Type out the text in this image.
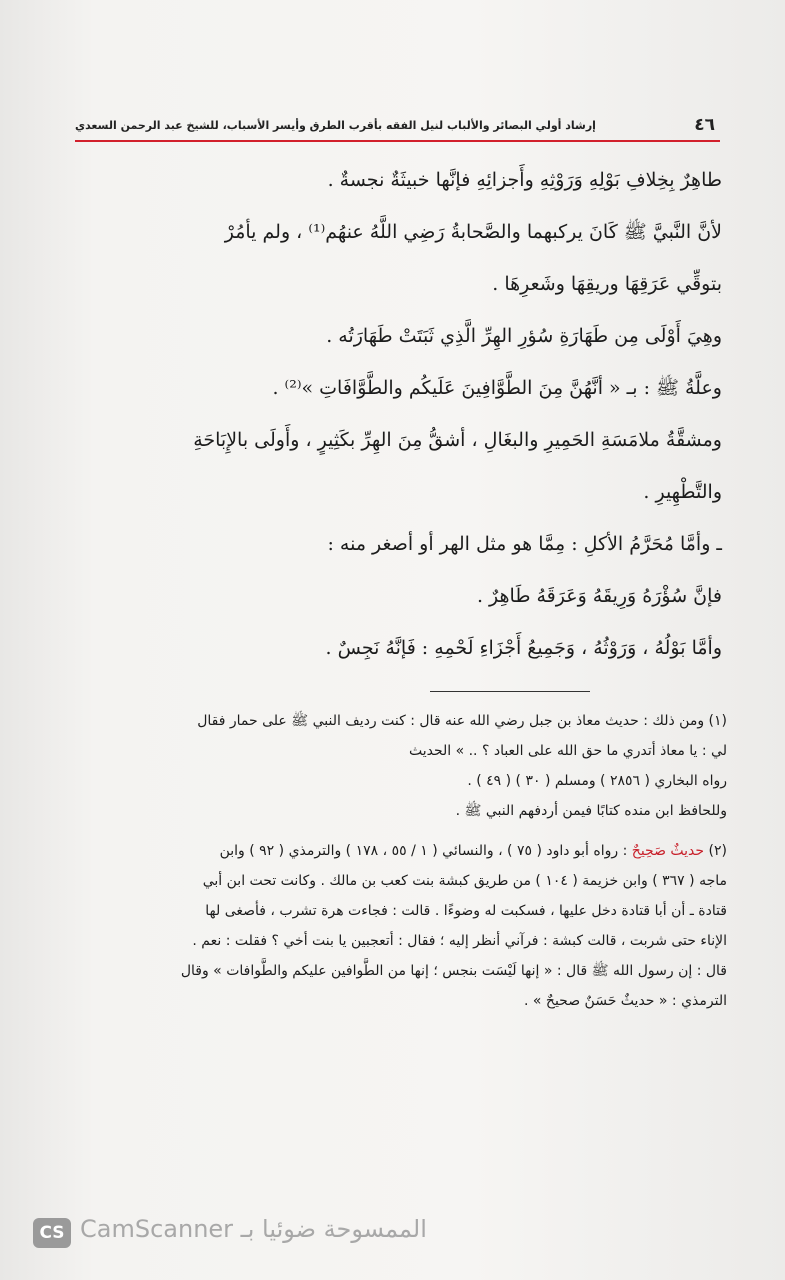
٤٦
إرشاد أولي البصائر والألباب لنيل الفقه بأقرب الطرق وأيسر الأسباب، للشيخ عبد الرحمن السعدي
طاهِرٌ بِخِلافِ بَوْلِهِ وَرَوْثِهِ وأَجزائِهِ فإنَّها خبيثَةٌ نجسةٌ .
لأنَّ النَّبيَّ ﷺ كَانَ يركبهما والصَّحابةُ رَضِي اللَّهُ عنهُم⁽¹⁾ ، ولم يأمُرْ
بتوقِّي عَرَقِهَا وريقِهَا وشَعرِهَا .
وهِيَ أَوْلَى مِن طَهَارَةِ سُؤرِ الهِرِّ الَّذِي ثَبَتَتْ طَهَارَتُه .
وعلَّةُ ﷺ : بـ « أنَّهُنَّ مِنَ الطَّوَّافِينَ عَلَيكُم والطَّوَّافَاتِ »⁽²⁾ .
ومشقَّةُ ملامَسَةِ الحَمِيرِ والبغَالِ ، أشقُّ مِنَ الهِرِّ بكَثِيرٍ ، وأَولَى بالإِبَاحَةِ
والتَّطْهِيرِ .
ـ وأمَّا مُحَرَّمُ الأكلِ : مِمَّا هو مثل الهر أو أصغر منه :
فإنَّ سُؤْرَهُ وَرِيقَهُ وَعَرَقَهُ طَاهِرٌ .
وأمَّا بَوْلُهُ ، وَرَوْثُهُ ، وَجَمِيعُ أَجْزَاءِ لَحْمِهِ : فَإنَّهُ نَجِسٌ .
(١) ومن ذلك : حديث معاذ بن جبل رضي الله عنه قال : كنت رديف النبي ﷺ على حمار فقال
لي : يا معاذ أتدري ما حق الله على العباد ؟ .. » الحديث
رواه البخاري ( ٢٨٥٦ ) ومسلم ( ٣٠ ) ( ٤٩ ) .
وللحافظ ابن منده كتابًا فيمن أردفهم النبي ﷺ .
(٢) حديثٌ صَحِيحٌ : رواه أبو داود ( ٧٥ ) ، والنسائي ( ١ / ٥٥ ، ١٧٨ ) والترمذي ( ٩٢ ) وابن
ماجه ( ٣٦٧ ) وابن خزيمة ( ١٠٤ ) من طريق كبشة بنت كعب بن مالك . وكانت تحت ابن أبي
قتادة ـ أن أبا قتادة دخل عليها ، فسكبت له وضوءًا . قالت : فجاءت هرة تشرب ، فأصغى لها
الإناء حتى شربت ، قالت كبشة : فرآني أنظر إليه ؛ فقال : أتعجبين يا بنت أخي ؟ فقلت : نعم .
قال : إن رسول الله ﷺ قال : « إنها لَيْسَت بنجس ؛ إنها من الطَّوافين عليكم والطَّوافات » وقال
الترمذي : « حديثٌ حَسَنٌ صحيحٌ » .
CS الممسوحة ضوئيا بـ CamScanner
